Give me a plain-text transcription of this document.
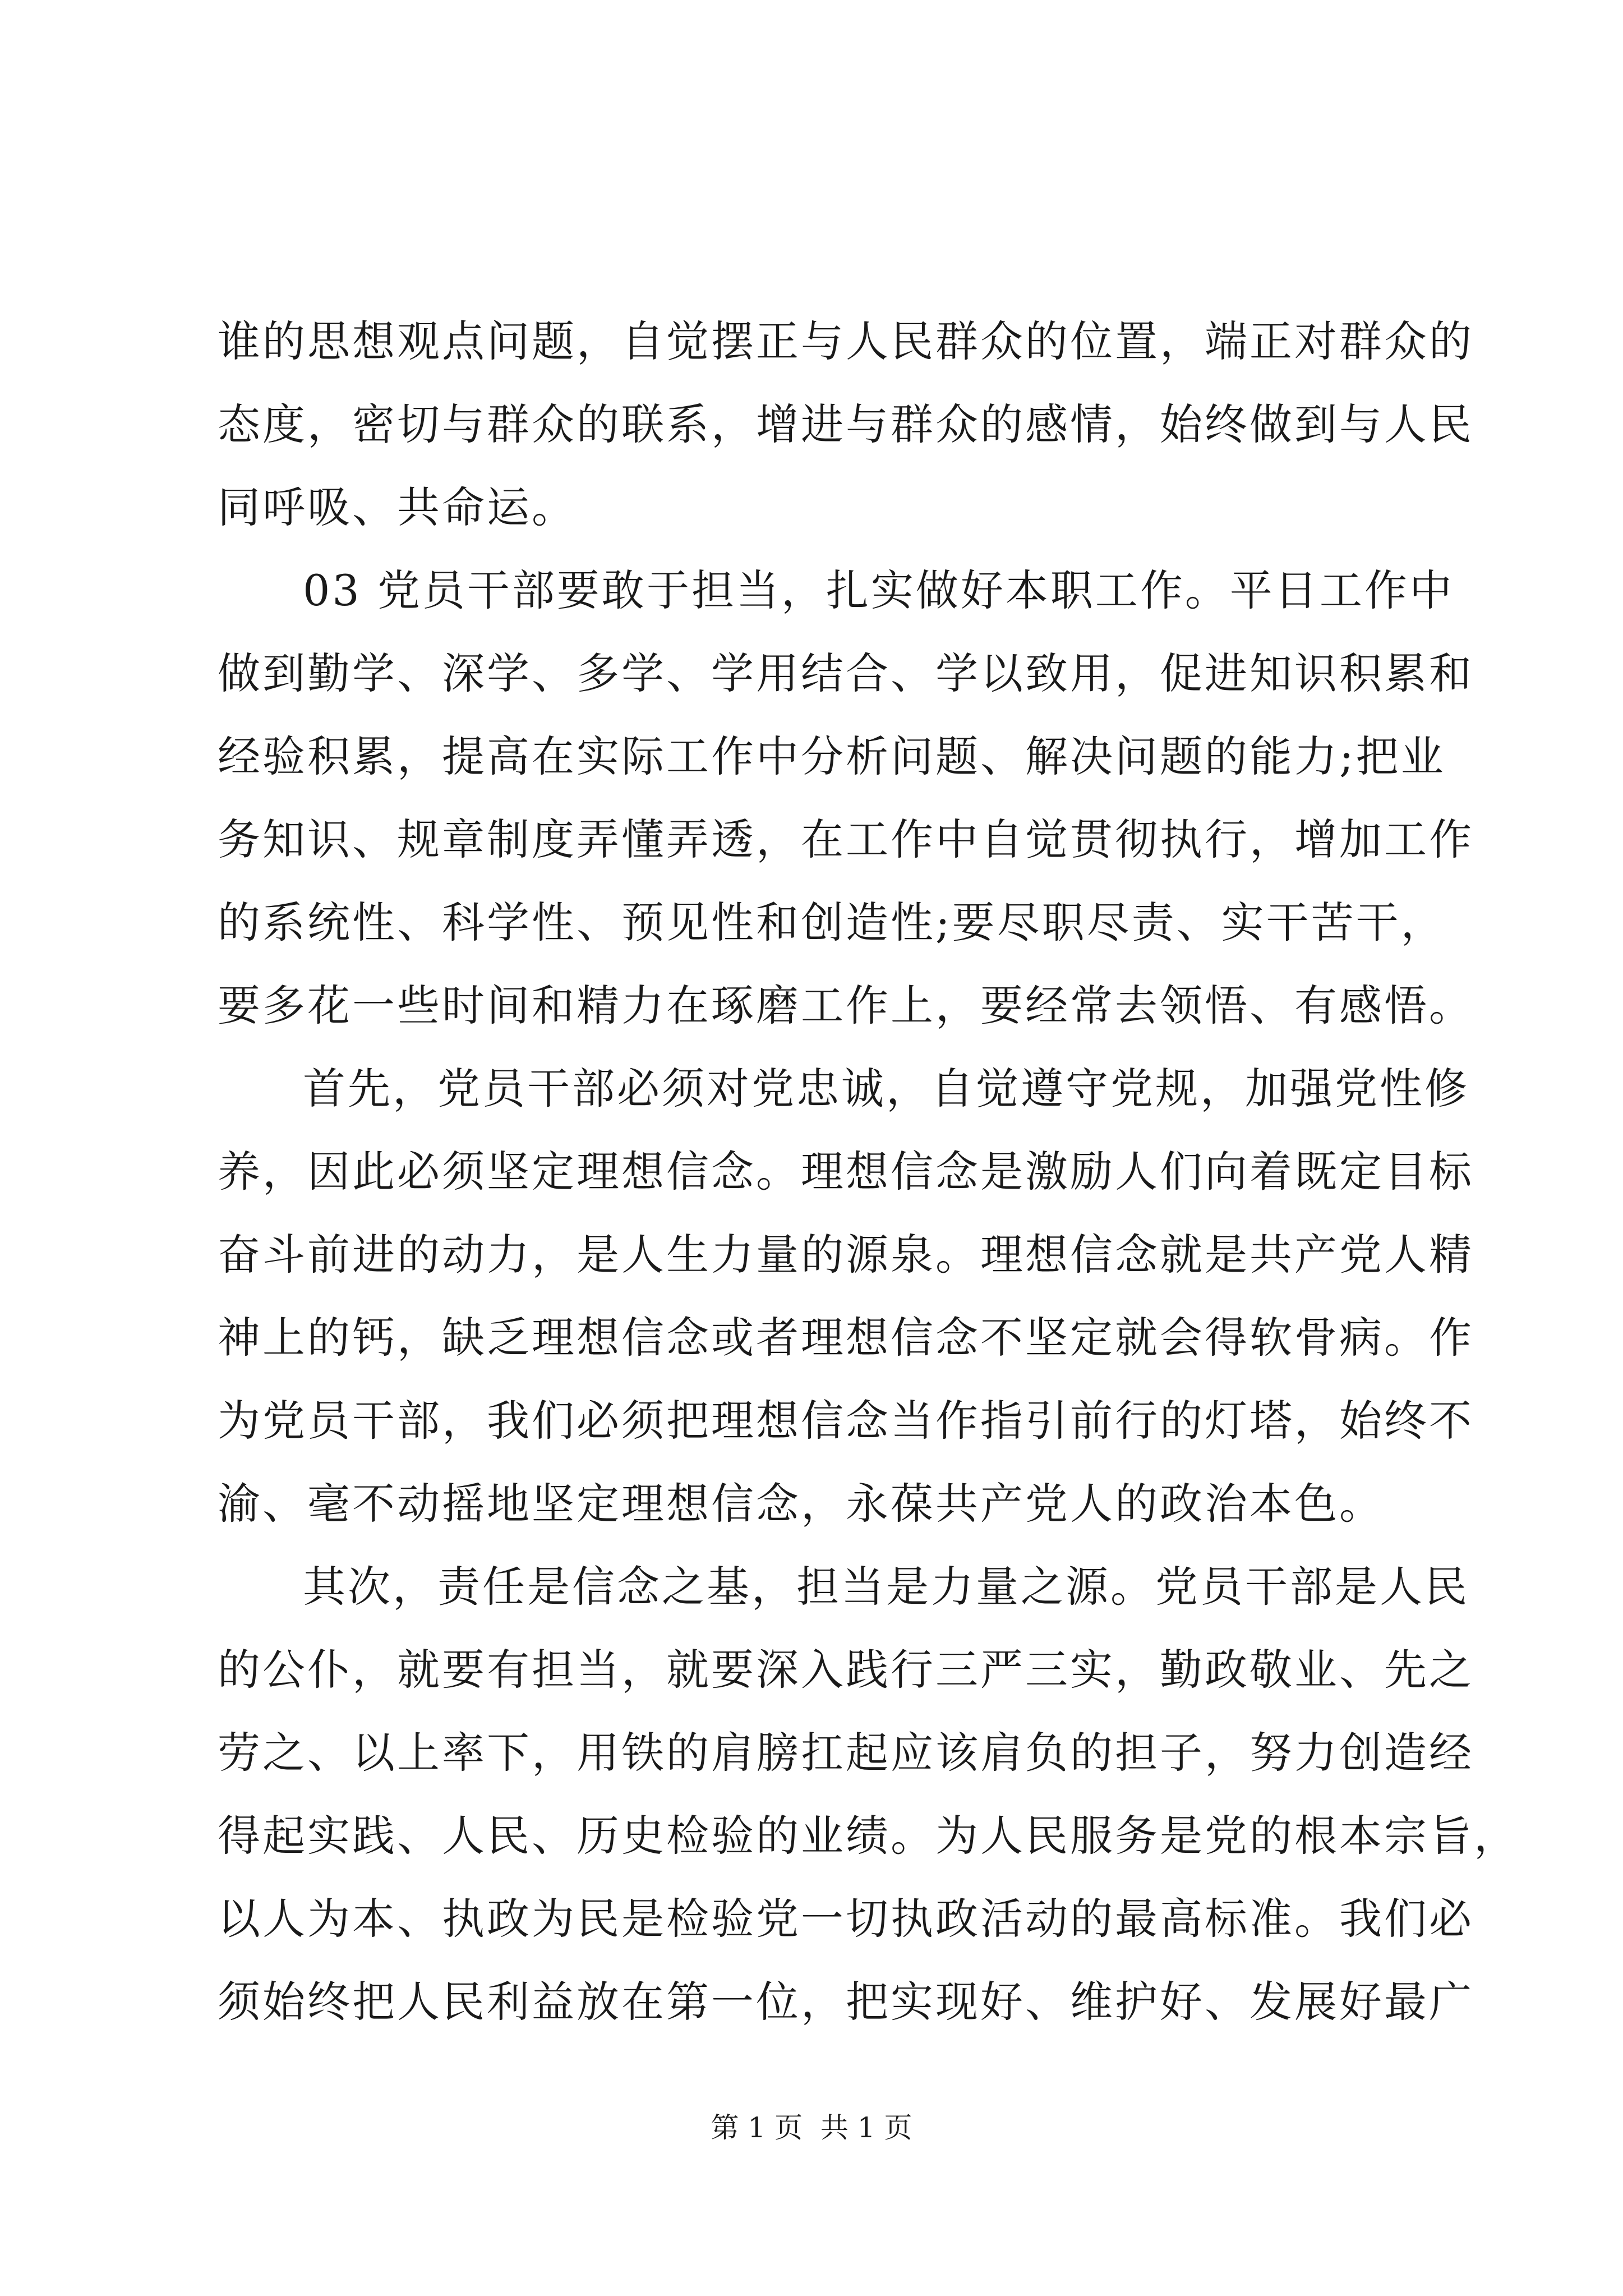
谁的思想观点问题，自觉摆正与人民群众的位置，端正对群众的
态度，密切与群众的联系，增进与群众的感情，始终做到与人民
同呼吸、共命运。
03 党员干部要敢于担当，扎实做好本职工作。平日工作中
做到勤学、深学、多学、学用结合、学以致用，促进知识积累和
经验积累，提高在实际工作中分析问题、解决问题的能力;把业
务知识、规章制度弄懂弄透，在工作中自觉贯彻执行，增加工作
的系统性、科学性、预见性和创造性;要尽职尽责、实干苦干，
要多花一些时间和精力在琢磨工作上，要经常去领悟、有感悟。
首先，党员干部必须对党忠诚，自觉遵守党规，加强党性修
养，因此必须坚定理想信念。理想信念是激励人们向着既定目标
奋斗前进的动力，是人生力量的源泉。理想信念就是共产党人精
神上的钙，缺乏理想信念或者理想信念不坚定就会得软骨病。作
为党员干部，我们必须把理想信念当作指引前行的灯塔，始终不
渝、毫不动摇地坚定理想信念，永葆共产党人的政治本色。
其次，责任是信念之基，担当是力量之源。党员干部是人民
的公仆，就要有担当，就要深入践行三严三实，勤政敬业、先之
劳之、以上率下，用铁的肩膀扛起应该肩负的担子，努力创造经
得起实践、人民、历史检验的业绩。为人民服务是党的根本宗旨，
以人为本、执政为民是检验党一切执政活动的最高标准。我们必
须始终把人民利益放在第一位，把实现好、维护好、发展好最广
第 1 页  共 1 页
